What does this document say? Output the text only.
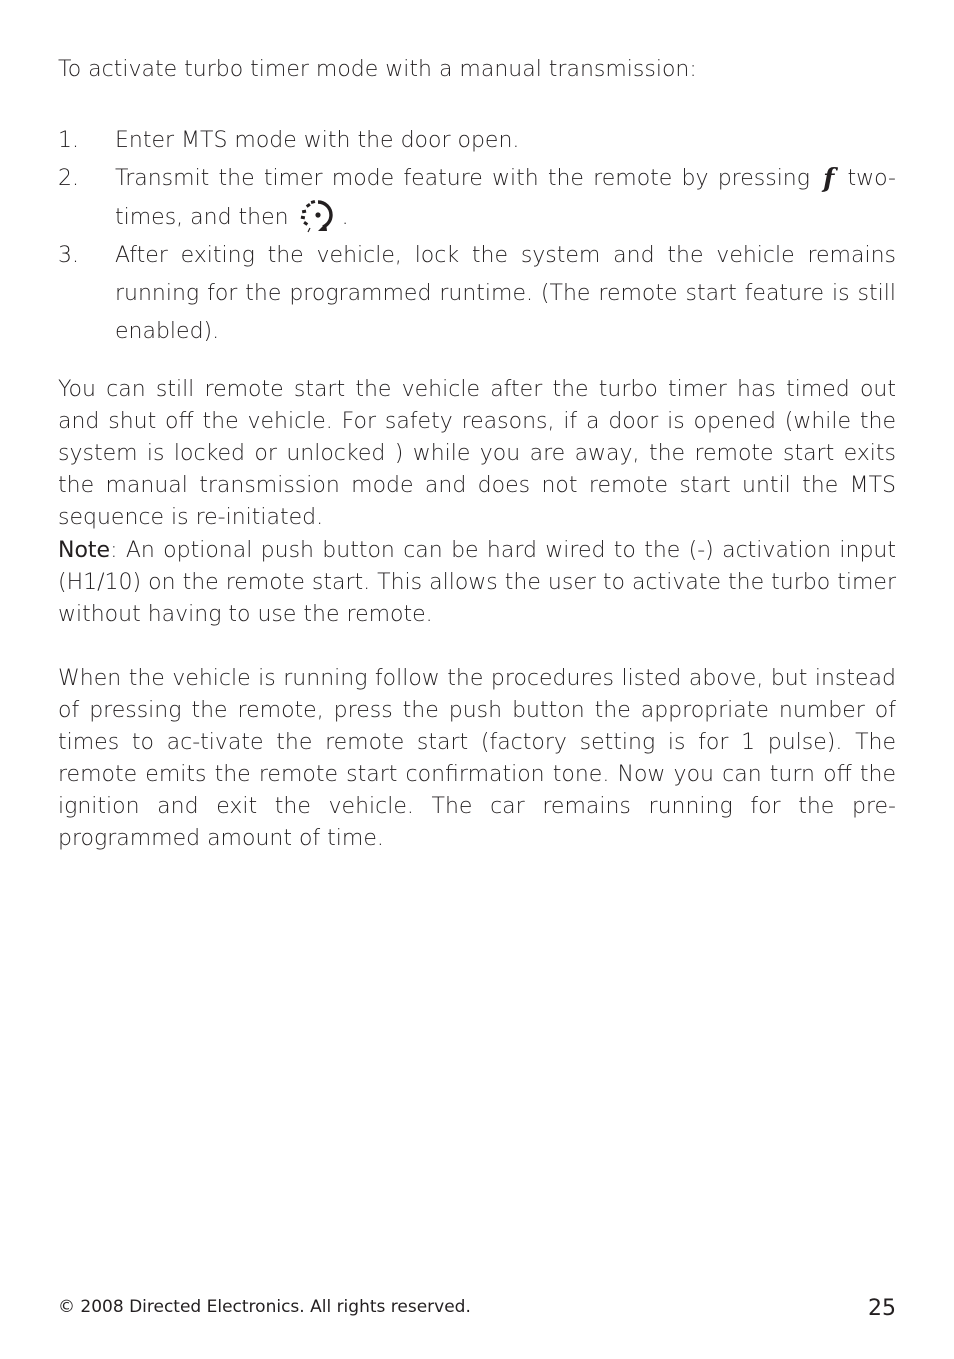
To activate turbo timer mode with a manual transmission:
1. Enter MTS mode with the door open.
2. Transmit the timer mode feature with the remote by pressing f two-times, and then .
3. After exiting the vehicle, lock the system and the vehicle remains running for the programmed runtime. (The remote start feature is still enabled).

You can still remote start the vehicle after the turbo timer has timed out and shut off the vehicle. For safety reasons, if a door is opened (while the system is locked or unlocked ) while you are away, the remote start exits the manual transmission mode and does not remote start until the MTS sequence is re-initiated.

Note: An optional push button can be hard wired to the (-) activation input (H1/10) on the remote start. This allows the user to activate the turbo timer without having to use the remote.

When the vehicle is running follow the procedures listed above, but instead of pressing the remote, press the push button the appropriate number of times to ac-tivate the remote start (factory setting is for 1 pulse). The remote emits the remote start confirmation tone. Now you can turn off the ignition and exit the vehicle. The car remains running for the pre-programmed amount of time.

© 2008 Directed Electronics. All rights reserved.	25
